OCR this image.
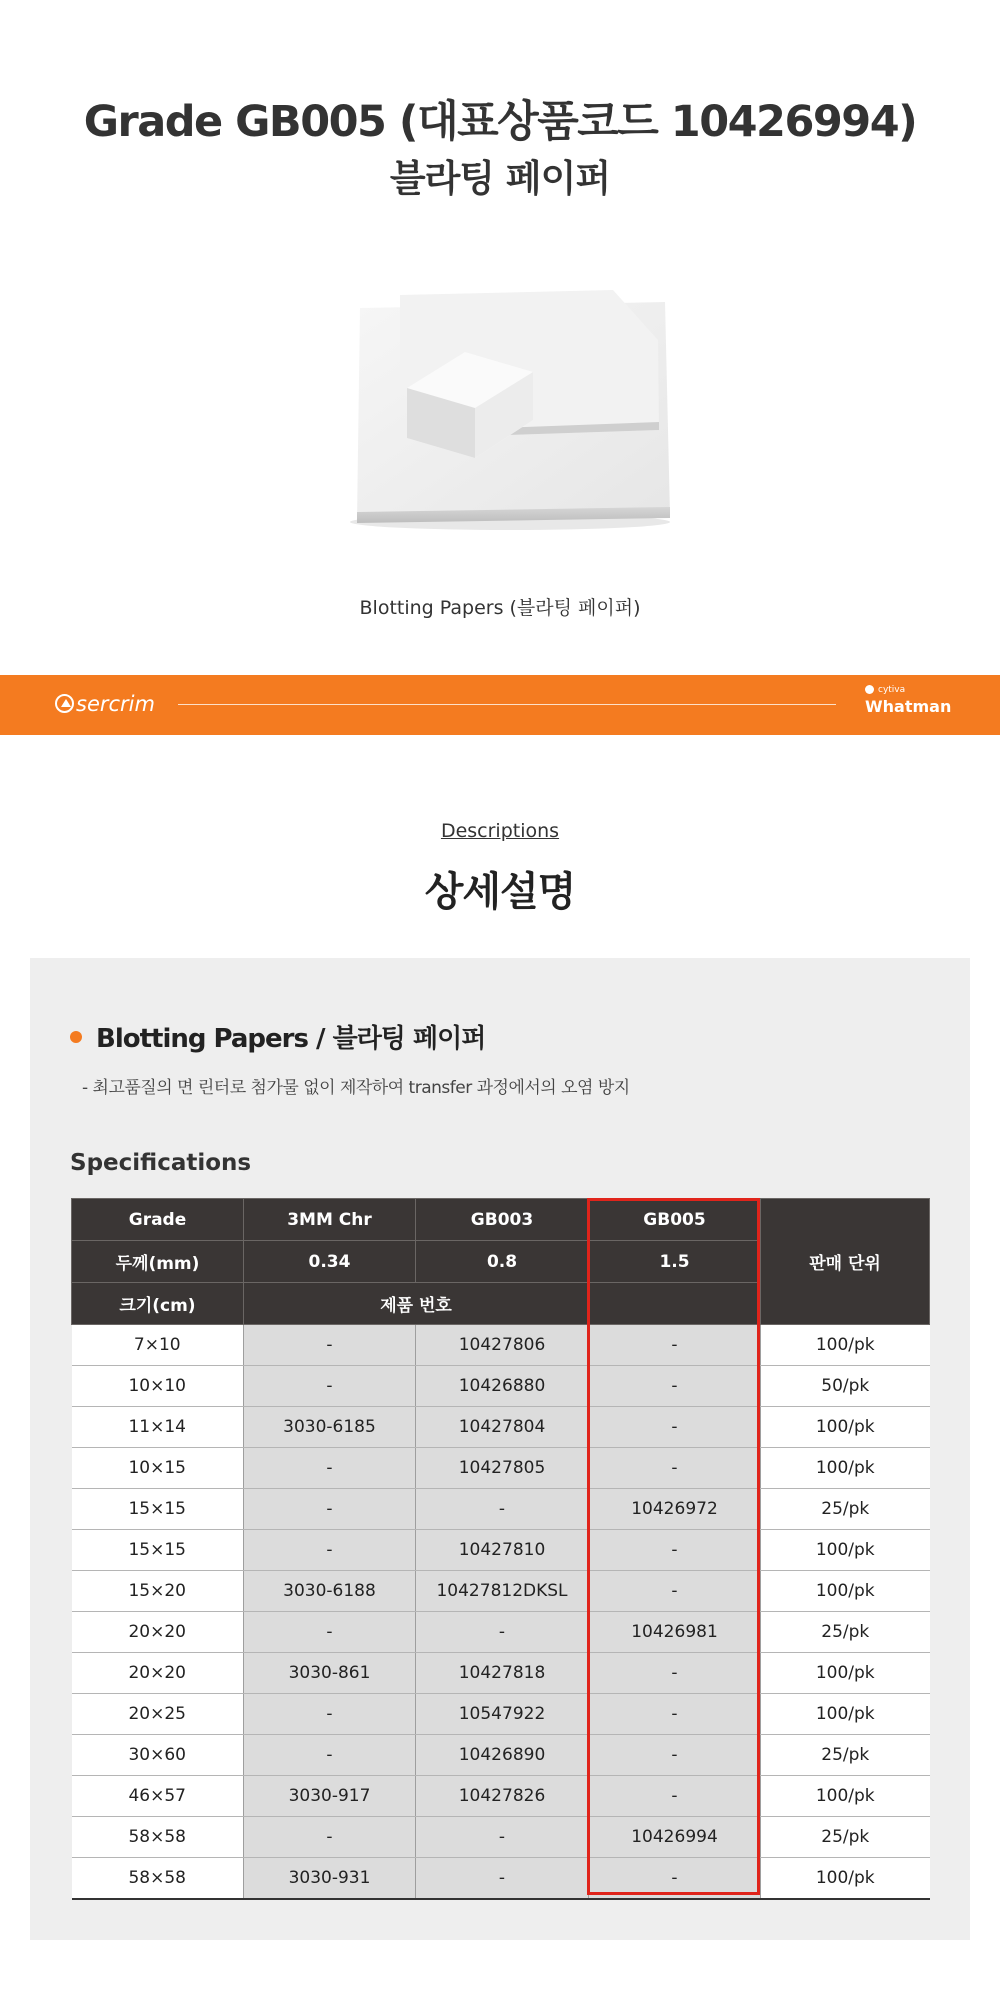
Grade GB005 (대표상품코드 10426994)
블라팅 페이퍼
Blotting Papers (블라팅 페이퍼)
sercrim
cytiva
Whatman
Descriptions
상세설명
Blotting Papers / 블라팅 페이퍼
- 최고품질의 면 린터로 첨가물 없이 제작하여 transfer 과정에서의 오염 방지
Specifications
Grade	3MM Chr	GB003	GB005	판매 단위
두께(mm)	0.34	0.8	1.5	
크기(cm)	제품 번호			
7×10	-	10427806	-	100/pk
10×10	-	10426880	-	50/pk
11×14	3030-6185	10427804	-	100/pk
10×15	-	10427805	-	100/pk
15×15	-	-	10426972	25/pk
15×15	-	10427810	-	100/pk
15×20	3030-6188	10427812DKSL	-	100/pk
20×20	-	-	10426981	25/pk
20×20	3030-861	10427818	-	100/pk
20×25	-	10547922	-	100/pk
30×60	-	10426890	-	25/pk
46×57	3030-917	10427826	-	100/pk
58×58	-	-	10426994	25/pk
58×58	3030-931	-	-	100/pk
